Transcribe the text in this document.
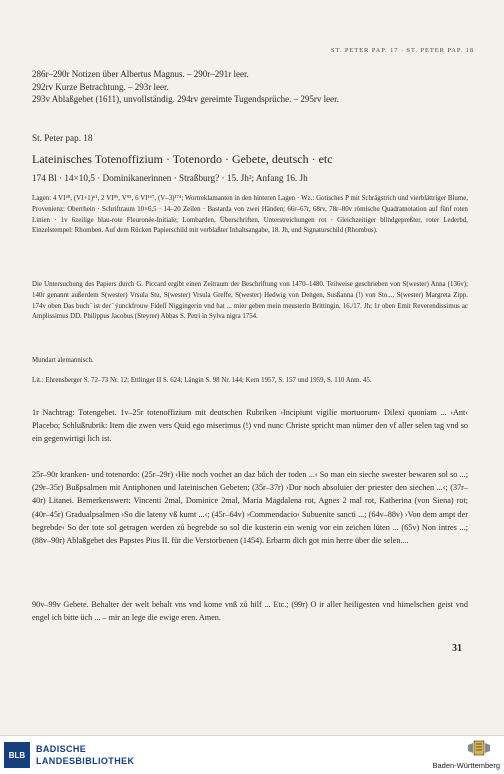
ST. PETER PAP. 17 · ST. PETER PAP. 18
286r–290r Notizen über Albertus Magnus. – 290r–291r leer.
292rv Kurze Betrachtung. – 293r leer.
293v Ablaßgebet (1611), unvollständig. 294rv gereimte Tugendsprüche. – 295rv leer.
St. Peter pap. 18
Lateinisches Totenoffizium · Totenordo · Gebete, deutsch · etc
174 Bl · 14×10,5 · Dominikanerinnen · Straßburg? · 15. Jh²; Anfang 16. Jh
Lagen: 4 VI⁴⁸, (VI+1)⁶¹, 2 VI⁸⁵, V⁹⁵, 6 VI¹⁶⁷, (V–3)¹⁷⁴; Wortreklamanten in den hinteren Lagen · Wz.: Gotisches P mit Schrägstrich und vierblättriger Blume, Provenienz: Oberrhein · Schriftraum 10×6,5 · 14–20 Zeilen · Bastarda von zwei Händen; 66r–67r, 68rv, 78r–80v römische Quadratnotation auf fünf roten Linien · 1v 6zeilige blau-rote Fleuronée-Initiale; Lombarden, Überschriften, Unterstreichungen rot · Gleichzeitiger blindgepreßter, roter Lederbd, Einzelstempel: Rhomben. Auf dem Rücken Papierschild mit verblaßter Inhaltsangabe, 18. Jh, und Signaturschild (Rhombus).
Die Untersuchung des Papiers durch G. Piccard ergibt einen Zeitraum der Beschriftung von 1470–1480. Teilweise geschrieben von S(wester) Anna (136v); 140r genannt außerdem S(wester) Vrsula Stu, S(wester) Vrsula Greffe, S(wester) Hedwig von Dengen, Susßanna (!) von Sto..., S(wester) Margreta Zipp. 174v oben Das buch ̄ ist der ̄ ýunckfrouw Fideſſ Niggingerin vnd hat ... mier geben mein meusterin Brittingin, 16./17. Jh; 1r oben Emit Reverendissimus ac Amplissimus DD. Philippus Jacobus (Steyrer) Abbas S. Petri in Sylva nigra 1754.
Mundart alemannisch.
Lit.: Ehrensberger S. 72–73 Nr. 12; Ettlinger II S. 624; Längin S. 98 Nr. 144; Kern 1957, S. 157 und 1959, S. 110 Anm. 45.
1r Nachtrag: Totengebet. 1v–25r totenoffizium mit deutschen Rubriken ›Incipiunt vigilie mortuorum‹ Dilexi quoniam ... ›Ant‹ Placebo; Schlußrubrik: Item die zwen vers Quid ego miserimus (!) vnd nunc Christe spricht man nümer den vf aller selen tag vnd so ein gegenwirtigi lich ist.
25r–90r kranken- und totenordo: (25r–29r) ›Hie noch vochet an daz bůch der toden ...‹ So man ein sieche swester bewaren sol so ...; (29r–35r) Bußpsalmen mit Antiphonen und lateinischen Gebeten; (35r–37r) ›Dor noch absoluier der priester den siechen ...‹; (37r–40r) Litanei. Bemerkenswert: Vincenti 2mal, Dominice 2mal, Maria Magdalena rot, Agnes 2 mal rot, Katherina (von Siena) rot; (40r–45r) Gradualpsalmen ›So die lateny vß kumt ...‹; (45r–64v) ›Commendacio‹ Subuenite sancti ...; (64v–88v) ›Von dem ampt der begrebde‹ So der tote sol getragen werden zů begrebde so sol die kusterin ein wenig vor ein zeichen lüten ... (65v) Non intres ...; (88v–90r) Ablaßgebet des Papstes Pius II. für die Verstorbenen (1454). Erbarm dich got min herre über die selen....
90v–99v Gebete. Behalter der welt behalt vns vnd kome vnß zů hilf ... Etc.; (99r) O ir aller heiligesten vnd himelschen geist vnd engel ich bitte üch ... – mir an lege die ewige eren. Amen.
31
BLB
BADISCHE
LANDESBIBLIOTHEK	Baden-Württemberg
